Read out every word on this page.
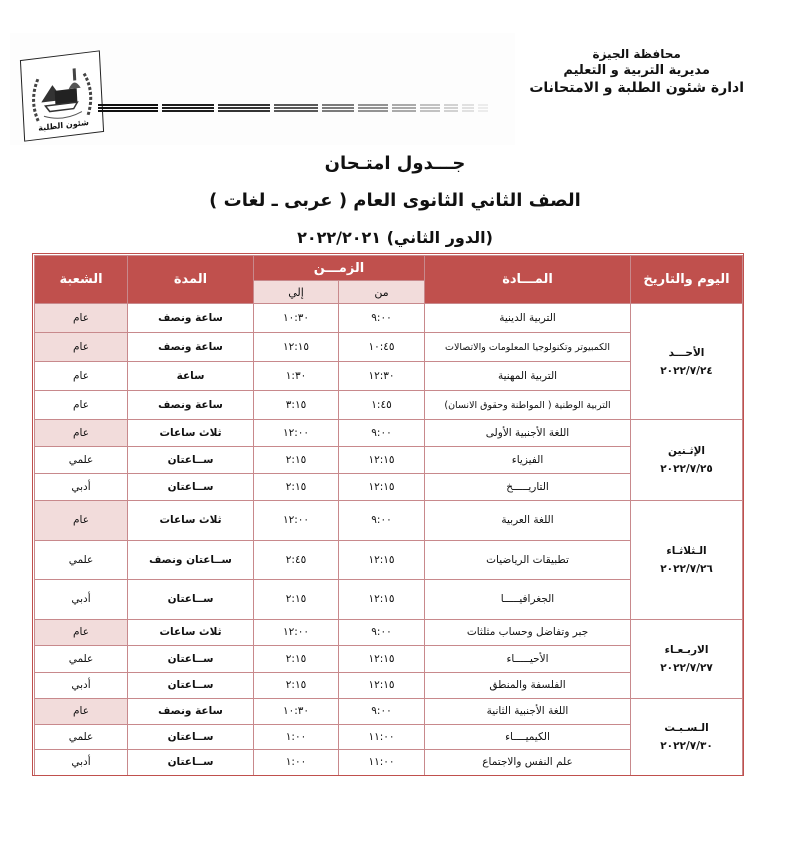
شئون الطلبة
محافظة الجيزة
مديرية التربية و التعليم
ادارة شئون الطلبة و الامتحانات
جـــدول امتـحان
الصف الثاني الثانوى العام ( عربى ـ لغات )
(الدور الثاني) ٢٠٢٢/٢٠٢١
اليوم والتاريخ	المـــادة	الزمـــن		المدة	الشعبة
		من	إلي		

الأحـــد
٢٠٢٢/٧/٢٤	التربية الدينية	٩:٠٠	١٠:٣٠	ساعة ونصف	عام
	الكمبيوتر وتكنولوجيا المعلومات والاتصالات	١٠:٤٥	١٢:١٥	ساعة ونصف	عام
	التربية المهنية	١٢:٣٠	١:٣٠	ساعة	عام
	التربية الوطنية ( المواطنة وحقوق الانسان)	١:٤٥	٣:١٥	ساعة ونصف	عام

الإثـنين
٢٠٢٢/٧/٢٥	اللغة الأجنبية الأولى	٩:٠٠	١٢:٠٠	ثلاث ساعات	عام
	الفيزياء	١٢:١٥	٢:١٥	ســاعتان	علمي
	التاريـــــخ	١٢:١٥	٢:١٥	ســاعتان	أدبي

الـثلاثـاء
٢٠٢٢/٧/٢٦	اللغة العربية	٩:٠٠	١٢:٠٠	ثلاث ساعات	عام
	تطبيقات الرياضيات	١٢:١٥	٢:٤٥	ســاعتان ونصف	علمي
	الجغرافيـــــا	١٢:١٥	٢:١٥	ســاعتان	أدبي

الاربـعـاء
٢٠٢٢/٧/٢٧	جبر وتفاضل وحساب مثلثات	٩:٠٠	١٢:٠٠	ثلاث ساعات	عام
	الأحيـــــاء	١٢:١٥	٢:١٥	ســاعتان	علمي
	الفلسفة والمنطق	١٢:١٥	٢:١٥	ســاعتان	أدبي

الـسـبـت
٢٠٢٢/٧/٣٠	اللغة الأجنبية الثانية	٩:٠٠	١٠:٣٠	ساعة ونصف	عام
	الكيميــــاء	١١:٠٠	١:٠٠	ســاعتان	علمي
	علم النفس والاجتماع	١١:٠٠	١:٠٠	ســاعتان	أدبي
